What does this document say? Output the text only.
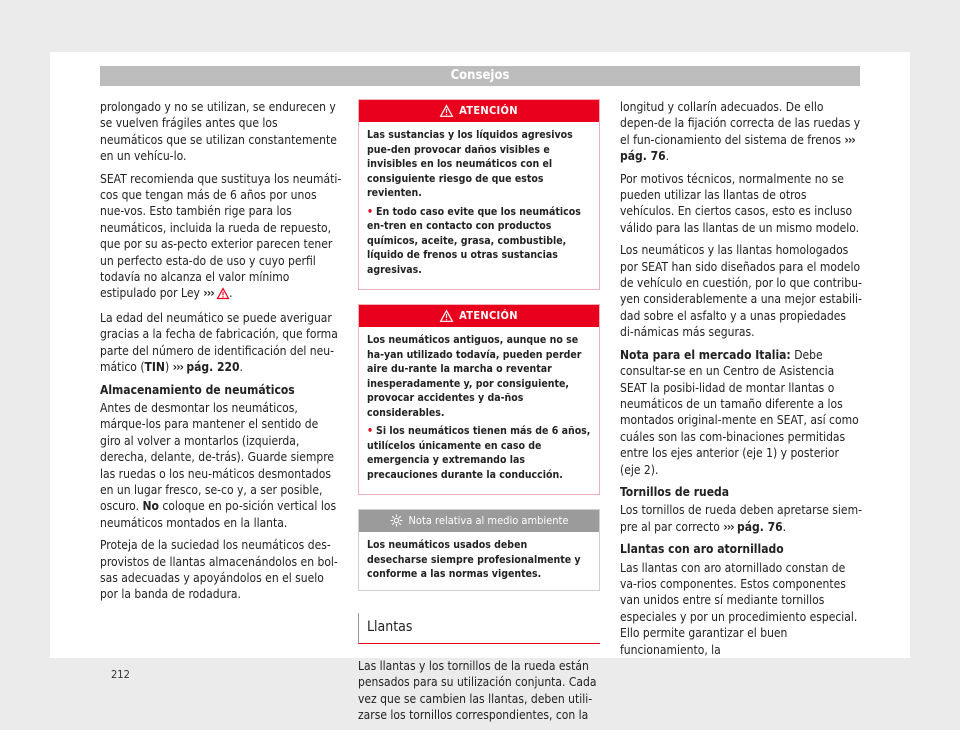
Consejos

prolongado y no se utilizan, se endurecen y se vuelven frágiles antes que los neumáticos que se utilizan constantemente en un vehícu-lo.

SEAT recomienda que sustituya los neumáti-cos que tengan más de 6 años por unos nue-vos. Esto también rige para los neumáticos, incluida la rueda de repuesto, que por su as-pecto exterior parecen tener un perfecto esta-do de uso y cuyo perfil todavía no alcanza el valor mínimo estipulado por Ley ››› .

La edad del neumático se puede averiguar gracias a la fecha de fabricación, que forma parte del número de identificación del neu-mático (TIN) ››› pág. 220.

Almacenamiento de neumáticos

Antes de desmontar los neumáticos, márque-los para mantener el sentido de giro al volver a montarlos (izquierda, derecha, delante, de-trás). Guarde siempre las ruedas o los neu-máticos desmontados en un lugar fresco, se-co y, a ser posible, oscuro. No coloque en po-sición vertical los neumáticos montados en la llanta.

Proteja de la suciedad los neumáticos des-provistos de llantas almacenándolos en bol-sas adecuadas y apoyándolos en el suelo por la banda de rodadura.

ATENCIÓN

Las sustancias y los líquidos agresivos pue-den provocar daños visibles e invisibles en los neumáticos con el consiguiente riesgo de que estos revienten.

• En todo caso evite que los neumáticos en-tren en contacto con productos químicos, aceite, grasa, combustible, líquido de frenos u otras sustancias agresivas.

ATENCIÓN

Los neumáticos antiguos, aunque no se ha-yan utilizado todavía, pueden perder aire du-rante la marcha o reventar inesperadamente y, por consiguiente, provocar accidentes y da-ños considerables.

• Si los neumáticos tienen más de 6 años, utilícelos únicamente en caso de emergencia y extremando las precauciones durante la conducción.

Nota relativa al medio ambiente
Los neumáticos usados deben desecharse siempre profesionalmente y conforme a las normas vigentes.
Llantas

Las llantas y los tornillos de la rueda están pensados para su utilización conjunta. Cada vez que se cambien las llantas, deben utili-zarse los tornillos correspondientes, con la

longitud y collarín adecuados. De ello depen-de la fijación correcta de las ruedas y el fun-cionamiento del sistema de frenos ››› pág. 76.

Por motivos técnicos, normalmente no se pueden utilizar las llantas de otros vehículos. En ciertos casos, esto es incluso válido para las llantas de un mismo modelo.

Los neumáticos y las llantas homologados por SEAT han sido diseñados para el modelo de vehículo en cuestión, por lo que contribu-yen considerablemente a una mejor estabili-dad sobre el asfalto y a unas propiedades di-námicas más seguras.

Nota para el mercado Italia: Debe consultar-se en un Centro de Asistencia SEAT la posibi-lidad de montar llantas o neumáticos de un tamaño diferente a los montados original-mente en SEAT, así como cuáles son las com-binaciones permitidas entre los ejes anterior (eje 1) y posterior (eje 2).

Tornillos de rueda

Los tornillos de rueda deben apretarse siem-pre al par correcto ››› pág. 76.

Llantas con aro atornillado

Las llantas con aro atornillado constan de va-rios componentes. Estos componentes van unidos entre sí mediante tornillos especiales y por un procedimiento especial. Ello permite garantizar el buen funcionamiento, la

212
